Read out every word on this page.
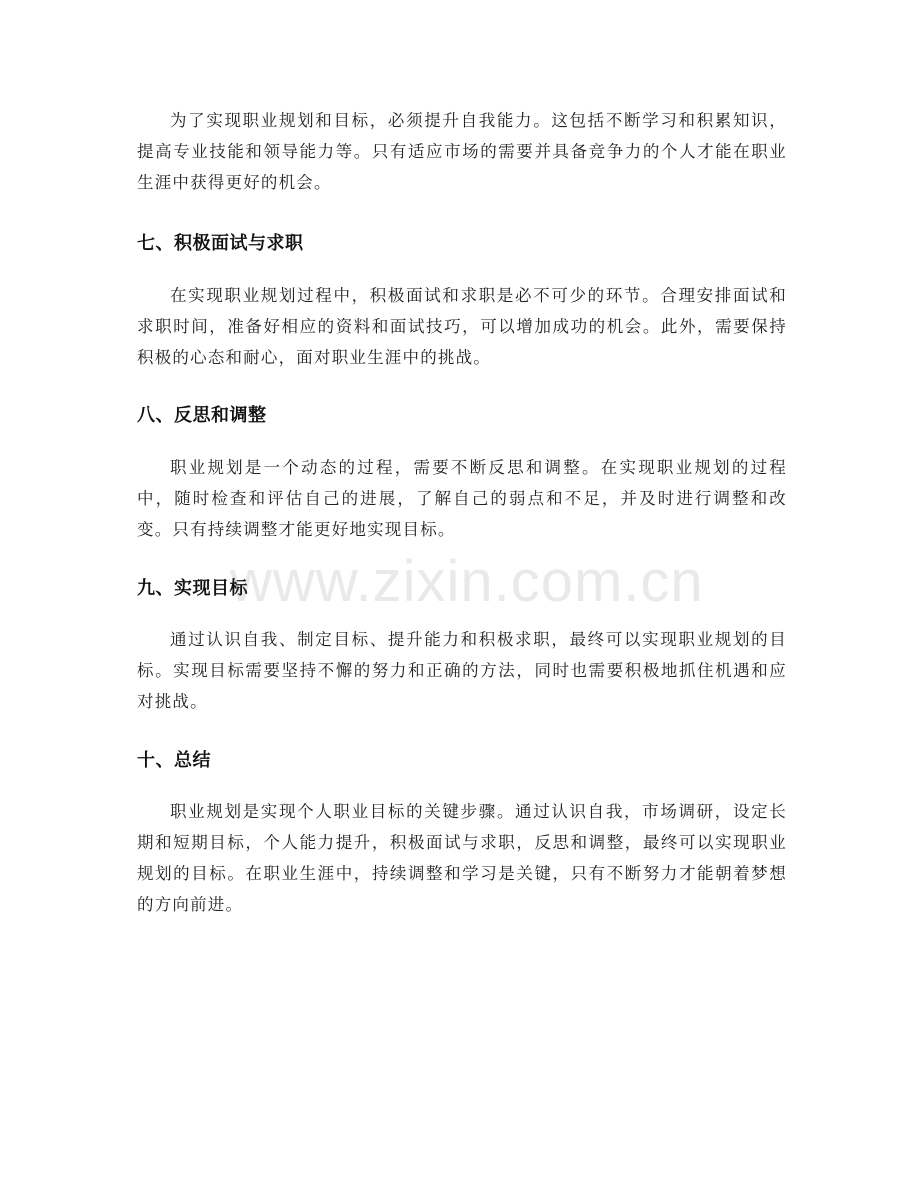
为了实现职业规划和目标，必须提升自我能力。这包括不断学习和积累知识，提高专业技能和领导能力等。只有适应市场的需要并具备竞争力的个人才能在职业生涯中获得更好的机会。

七、积极面试与求职

在实现职业规划过程中，积极面试和求职是必不可少的环节。合理安排面试和求职时间，准备好相应的资料和面试技巧，可以增加成功的机会。此外，需要保持积极的心态和耐心，面对职业生涯中的挑战。

八、反思和调整

职业规划是一个动态的过程，需要不断反思和调整。在实现职业规划的过程中，随时检查和评估自己的进展，了解自己的弱点和不足，并及时进行调整和改变。只有持续调整才能更好地实现目标。

九、实现目标

通过认识自我、制定目标、提升能力和积极求职，最终可以实现职业规划的目标。实现目标需要坚持不懈的努力和正确的方法，同时也需要积极地抓住机遇和应对挑战。

十、总结

职业规划是实现个人职业目标的关键步骤。通过认识自我，市场调研，设定长期和短期目标，个人能力提升，积极面试与求职，反思和调整，最终可以实现职业规划的目标。在职业生涯中，持续调整和学习是关键，只有不断努力才能朝着梦想的方向前进。

www.zixin.com.cn
